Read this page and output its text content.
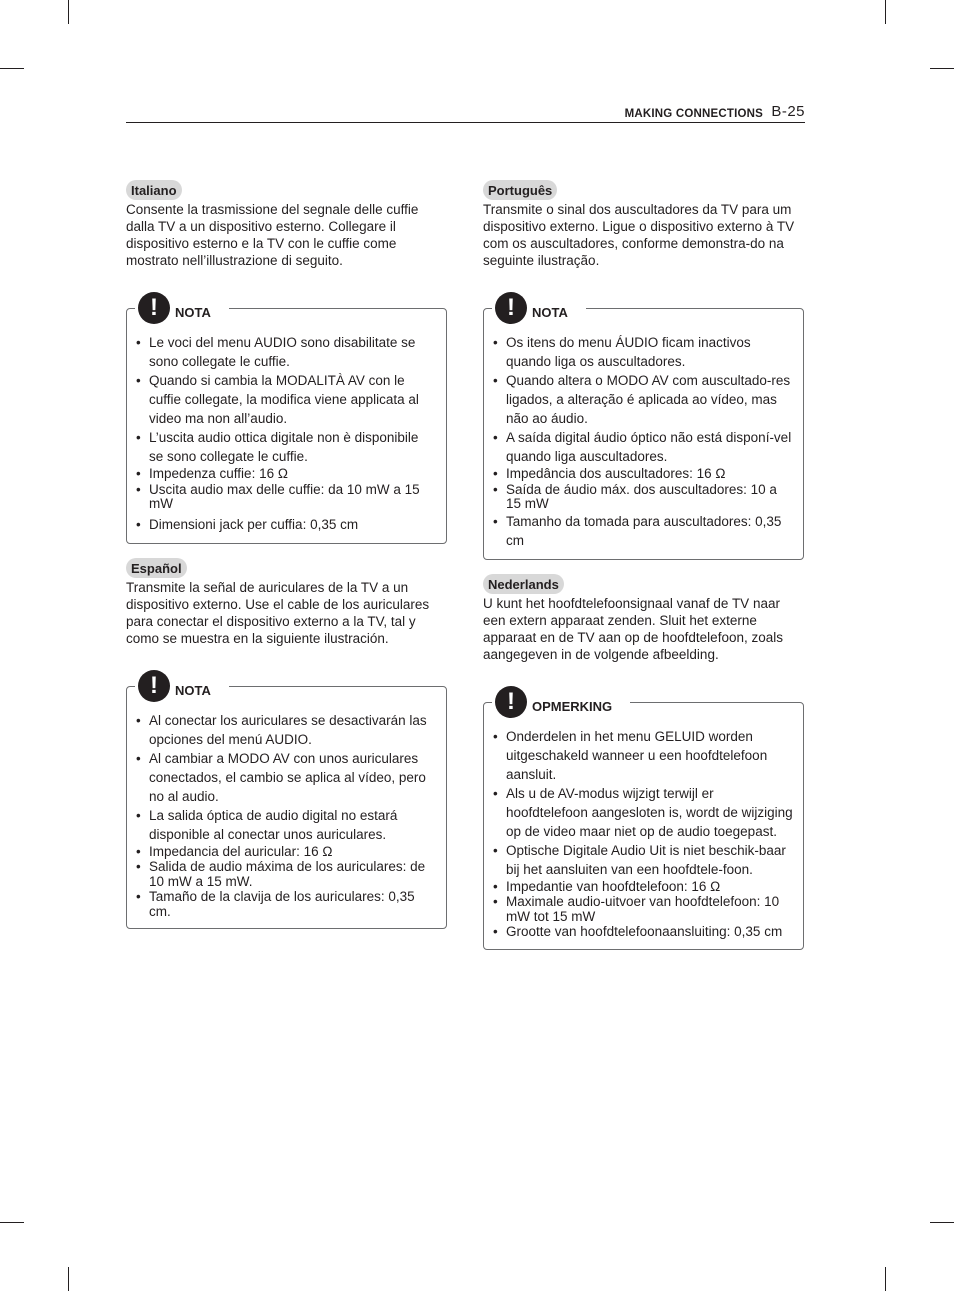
MAKING CONNECTIONS B-25
Italiano

Consente la trasmissione del segnale delle cuffie dalla TV a un dispositivo esterno. Collegare il dispositivo esterno e la TV con le cuffie come mostrato nell’illustrazione di seguito.

!	NOTA
• Le voci del menu AUDIO sono disabilitate se sono collegate le cuffie.
• Quando si cambia la MODALITÀ AV con le cuffie collegate, la modifica viene applicata al video ma non all’audio.
• L’uscita audio ottica digitale non è disponibile se sono collegate le cuffie.
• Impedenza cuffie: 16 Ω
• Uscita audio max delle cuffie: da 10 mW a 15 mW
• Dimensioni jack per cuffia: 0,35 cm
Español

Transmite la señal de auriculares de la TV a un dispositivo externo. Use el cable de los auriculares para conectar el dispositivo externo a la TV, tal y como se muestra en la siguiente ilustración.

!	NOTA
• Al conectar los auriculares se desactivarán las opciones del menú AUDIO.
• Al cambiar a MODO AV con unos auriculares conectados, el cambio se aplica al vídeo, pero no al audio.
• La salida óptica de audio digital no estará disponible al conectar unos auriculares.
• Impedancia del auricular: 16 Ω
• Salida de audio máxima de los auriculares: de 10 mW a 15 mW.
• Tamaño de la clavija de los auriculares: 0,35 cm.
Português

Transmite o sinal dos auscultadores da TV para um dispositivo externo. Ligue o dispositivo externo à TV com os auscultadores, conforme demonstra-do na seguinte ilustração.

!	NOTA
• Os itens do menu ÁUDIO ficam inactivos quando liga os auscultadores.
• Quando altera o MODO AV com auscultado-res ligados, a alteração é aplicada ao vídeo, mas não ao áudio.
• A saída digital áudio óptico não está disponí-vel quando liga auscultadores.
• Impedância dos auscultadores: 16 Ω
• Saída de áudio máx. dos auscultadores: 10 a 15 mW
• Tamanho da tomada para auscultadores: 0,35 cm
Nederlands

U kunt het hoofdtelefoonsignaal vanaf de TV naar een extern apparaat zenden. Sluit het externe apparaat en de TV aan op de hoofdtelefoon, zoals aangegeven in de volgende afbeelding.

!	OPMERKING
• Onderdelen in het menu GELUID worden uitgeschakeld wanneer u een hoofdtelefoon aansluit.
• Als u de AV-modus wijzigt terwijl er hoofdtelefoon aangesloten is, wordt de wijziging op de video maar niet op de audio toegepast.
• Optische Digitale Audio Uit is niet beschik-baar bij het aansluiten van een hoofdtele-foon.
• Impedantie van hoofdtelefoon: 16 Ω
• Maximale audio-uitvoer van hoofdtelefoon: 10 mW tot 15 mW
• Grootte van hoofdtelefoonaansluiting: 0,35 cm
